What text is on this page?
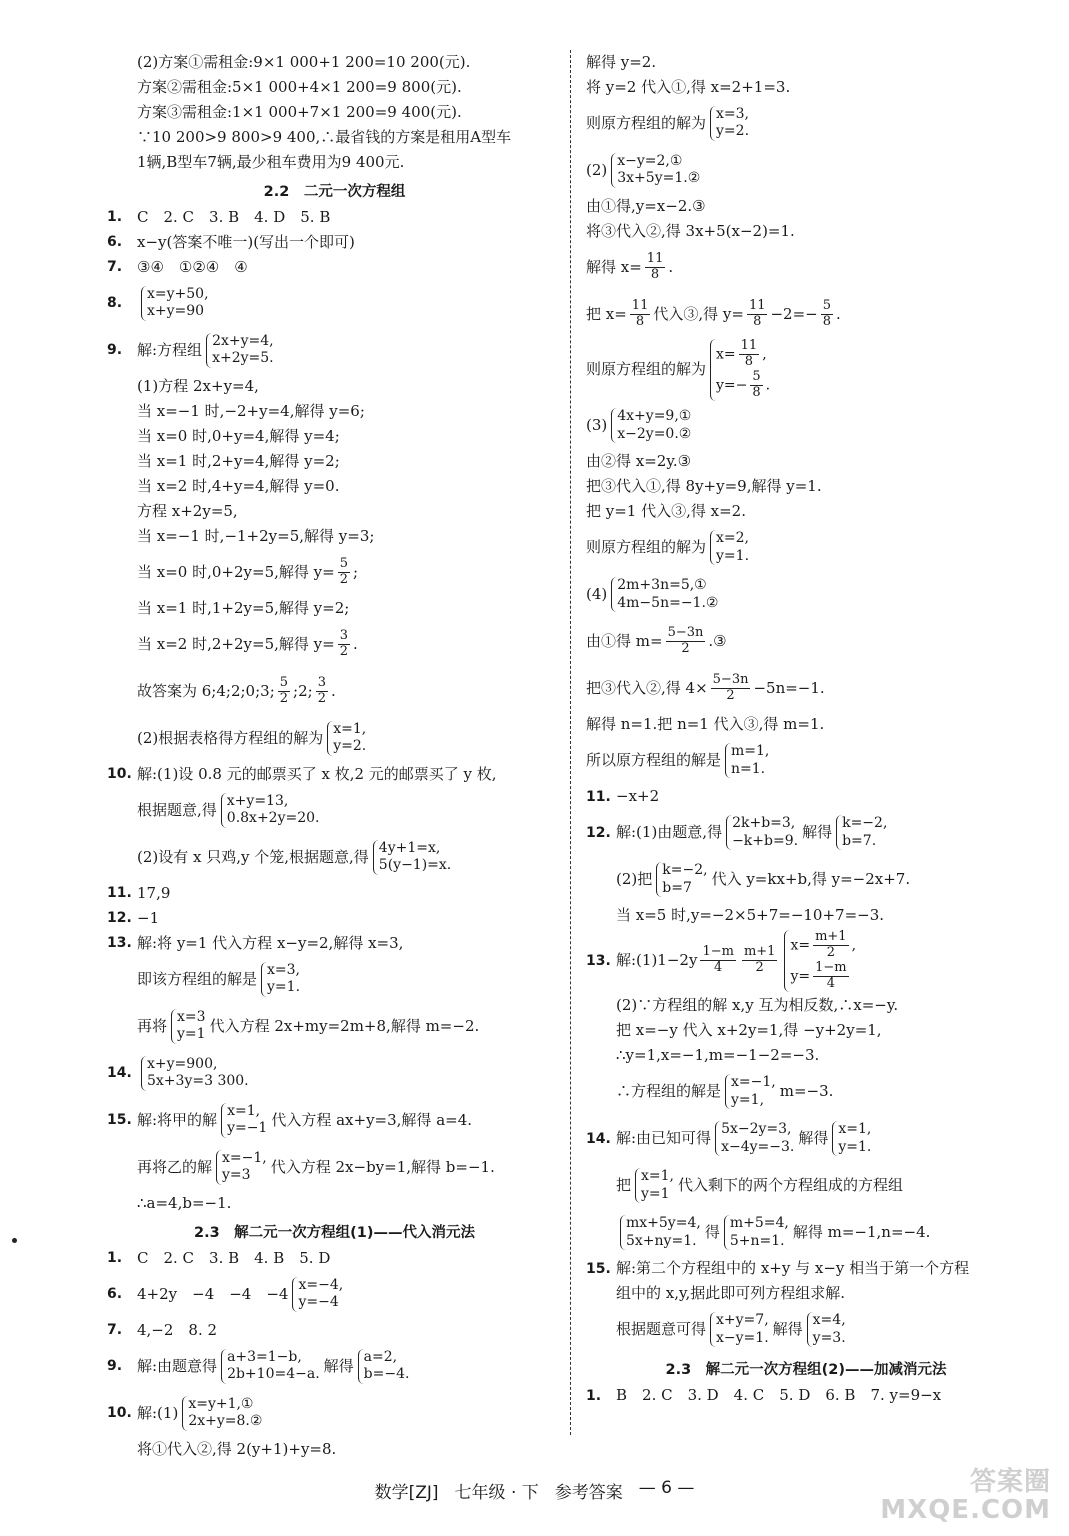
(2)方案①需租金:9×1 000+1 200=10 200(元).
方案②需租金:5×1 000+4×1 200=9 800(元).
方案③需租金:1×1 000+7×1 200=9 400(元).
∵10 200>9 800>9 400,∴最省钱的方案是租用A型车
1辆,B型车7辆,最少租车费用为9 400元.
2.2　二元一次方程组
1. C　2. C　3. B　4. D　5. B
6. x−y(答案不唯一)(写出一个即可)
7. ③④　①②④　④
8.
x=y+50,
x+y=90
9. 解:方程组 2x+y=4,
x+2y=5.
(1)方程 2x+y=4,
当 x=−1 时,−2+y=4,解得 y=6;
当 x=0 时,0+y=4,解得 y=4;
当 x=1 时,2+y=4,解得 y=2;
当 x=2 时,4+y=4,解得 y=0.
方程 x+2y=5,
当 x=−1 时,−1+2y=5,解得 y=3;
当 x=0 时,0+2y=5,解得 $y= \frac{5}{2}$ ;
当 x=1 时,1+2y=5,解得 y=2;
当 x=2 时,2+2y=5,解得 $y= \frac{3}{2}$ .
故答案为 6;4;2;0;3; $\frac{5}{2}$ ;2; $\frac{3}{2}$ .
(2)根据表格得方程组的解为 x=1,
y=2.
10. 解:(1)设 0.8 元的邮票买了 x 枚,2 元的邮票买了 y 枚,
根据题意,得 x+y=13,
0.8x+2y=20.
(2)设有 x 只鸡,y 个笼,根据题意,得 4y+1=x,
5(y−1)=x.
11. 17,9
12. −1
13. 解:将 y=1 代入方程 x−y=2,解得 x=3,
即该方程组的解是 x=3,
y=1.
再将 x=3
y=1 代入方程 2x+my=2m+8,解得 m=−2.
14.
x+y=900,
5x+3y=3 300.
15. 解:将甲的解 x=1,
y=−1 代入方程 ax+y=3,解得 a=4.
再将乙的解 x=−1,
y=3	代入方程 2x−by=1,解得 b=−1.
∴a=4,b=−1.
2.3　解二元一次方程组(1)——代入消元法
1. C　2. C　3. B　4. B　5. D
6. 4+2y　−4　−4　−4 x=−4,
y=−4
7. 4,−2　8. 2
9. 解:由题意得 a+3=1−b,
2b+10=4−a. 解得 a=2,
b=−4.
10. 解:(1) x=y+1,①
2x+y=8.②
将①代入②,得 2(y+1)+y=8.
解得 y=2.
将 y=2 代入①,得 x=2+1=3.
则原方程组的解为 x=3,
y=2.
(2) x−y=2,①
3x+5y=1.②
由①得,y=x−2.③
将③代入②,得 3x+5(x−2)=1.
解得 $x= \frac{11}{8}$ .
把 $x= \frac{11}{8}$ 代入③,得 $y= \frac{11}{8} -2=- \frac{5}{8}$ .
则原方程组的解为
$x= \frac{11}{8}$ ,
$y=- \frac{5}{8}$ .
(3) 4x+y=9,①
x−2y=0.②
由②得 x=2y.③
把③代入①,得 8y+y=9,解得 y=1.
把 y=1 代入③,得 x=2.
则原方程组的解为 x=2,
y=1.
(4) 2m+3n=5,①
4m−5n=−1.②
由①得 $m= \frac{5-3n}{2}$ .③
把③代入②,得 $4\times \frac{5-3n}{2} -5n=-1$.
解得 n=1.把 n=1 代入③,得 m=1.
所以原方程组的解是 m=1,
n=1.
11. −x+2
12. 解:(1)由题意,得 2k+b=3,
−k+b=9. 解得 k=−2,
b=7.
(2)把 k=−2,
b=7	代入 y=kx+b,得 y=−2x+7.
当 x=5 时,y=−2×5+7=−10+7=−3.
13. 解:(1)1−2y $\frac{1-m}{4} \frac{m+1}{2} x= \frac{m+1}{2}$ ,
$y= \frac{1-m}{4}$
(2)∵方程组的解 x,y 互为相反数,∴x=−y.
把 x=−y 代入 x+2y=1,得 −y+2y=1,
∴y=1,x=−1,m=−1−2=−3.
∴方程组的解是 x=−1,
y=1,	m=−3.
14. 解:由已知可得 5x−2y=3,
x−4y=−3. 解得 x=1,
y=1.
把 x=1,
y=1 代入剩下的两个方程组成的方程组
mx+5y=4,
5x+ny=1. 得 m+5=4,
5+n=1. 解得 m=−1,n=−4.
15. 解:第二个方程组中的 x+y 与 x−y 相当于第一个方程
组中的 x,y,据此即可列方程组求解.
根据题意可得 x+y=7,
x−y=1. 解得 x=4,
y=3.
2.3　解二元一次方程组(2)——加减消元法
1. B　2. C　3. D　4. C　5. D　6. B　7. y=9−x
数学[ZJ] 七年级 · 下 参考答案 — 6 —	答案圈
MXQE.COM
